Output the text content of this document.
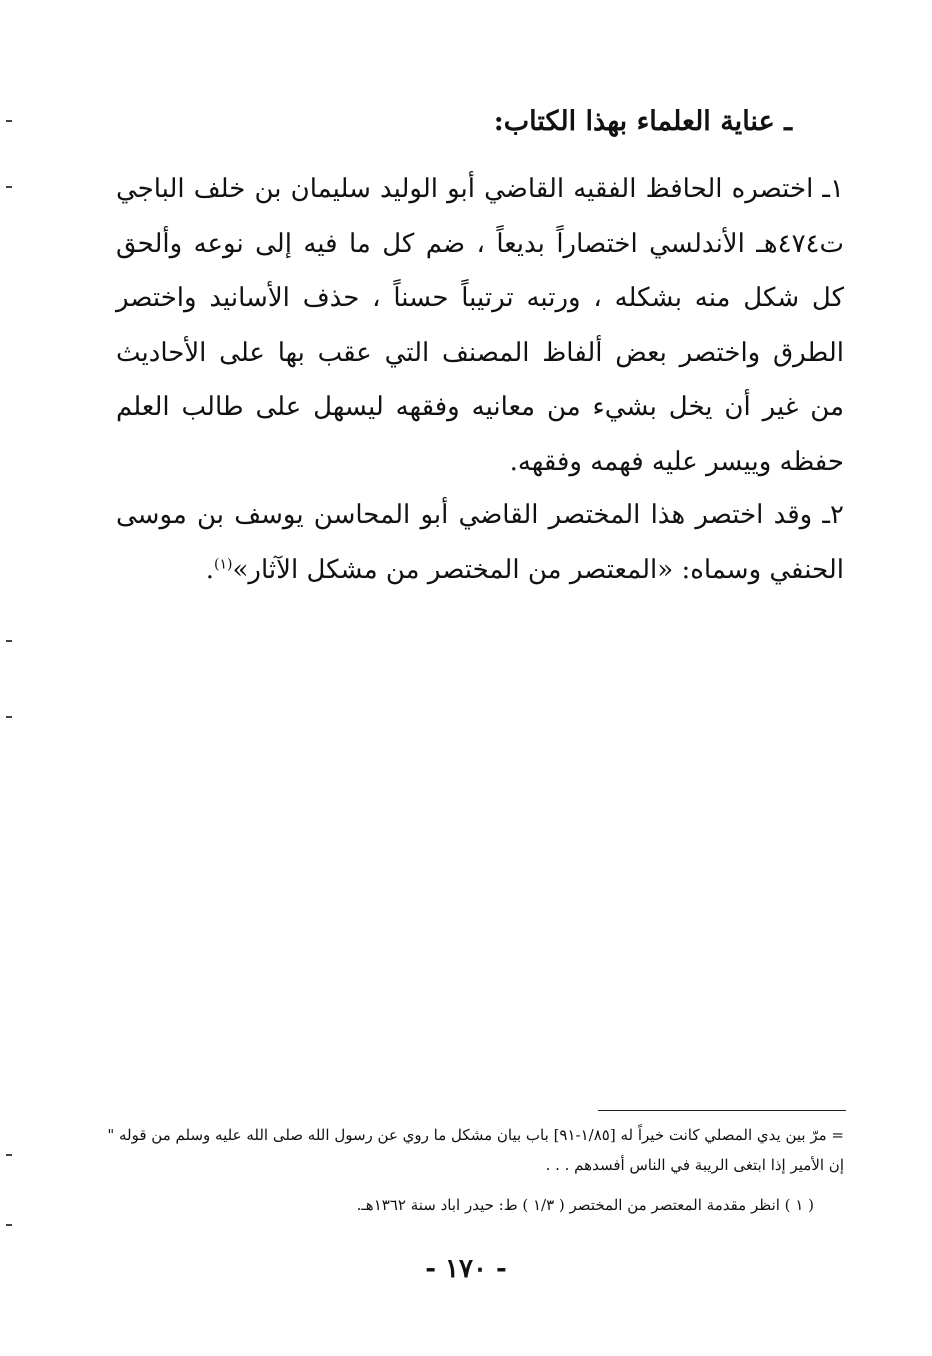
ـ عناية العلماء بهذا الكتاب:
١ـ اختصره الحافظ الفقيه القاضي أبو الوليد سليمان بن خلف الباجي ت٤٧٤هـ الأندلسي اختصاراً بديعاً ، ضم كل ما فيه إلى نوعه وألحق كل شكل منه بشكله ، ورتبه ترتيباً حسناً ، حذف الأسانيد واختصر الطرق واختصر بعض ألفاظ المصنف التي عقب بها على الأحاديث من غير أن يخل بشيء من معانيه وفقهه ليسهل على طالب العلم حفظه وييسر عليه فهمه وفقهه.
٢ـ وقد اختصر هذا المختصر القاضي أبو المحاسن يوسف بن موسى الحنفي وسماه: «المعتصر من المختصر من مشكل الآثار»$^{(١)}$.
= مرّ بين يدي المصلي كانت خيراً له [١/٨٥-٩١] باب بيان مشكل ما روي عن رسول الله صلى الله عليه وسلم من قوله " إن الأمير إذا ابتغى الريبة في الناس أفسدهم . . .
( ١ ) انظر مقدمة المعتصر من المختصر ( ١/٣ ) ط: حيدر اباد سنة ١٣٦٢هـ.
- ١٧٠ -
